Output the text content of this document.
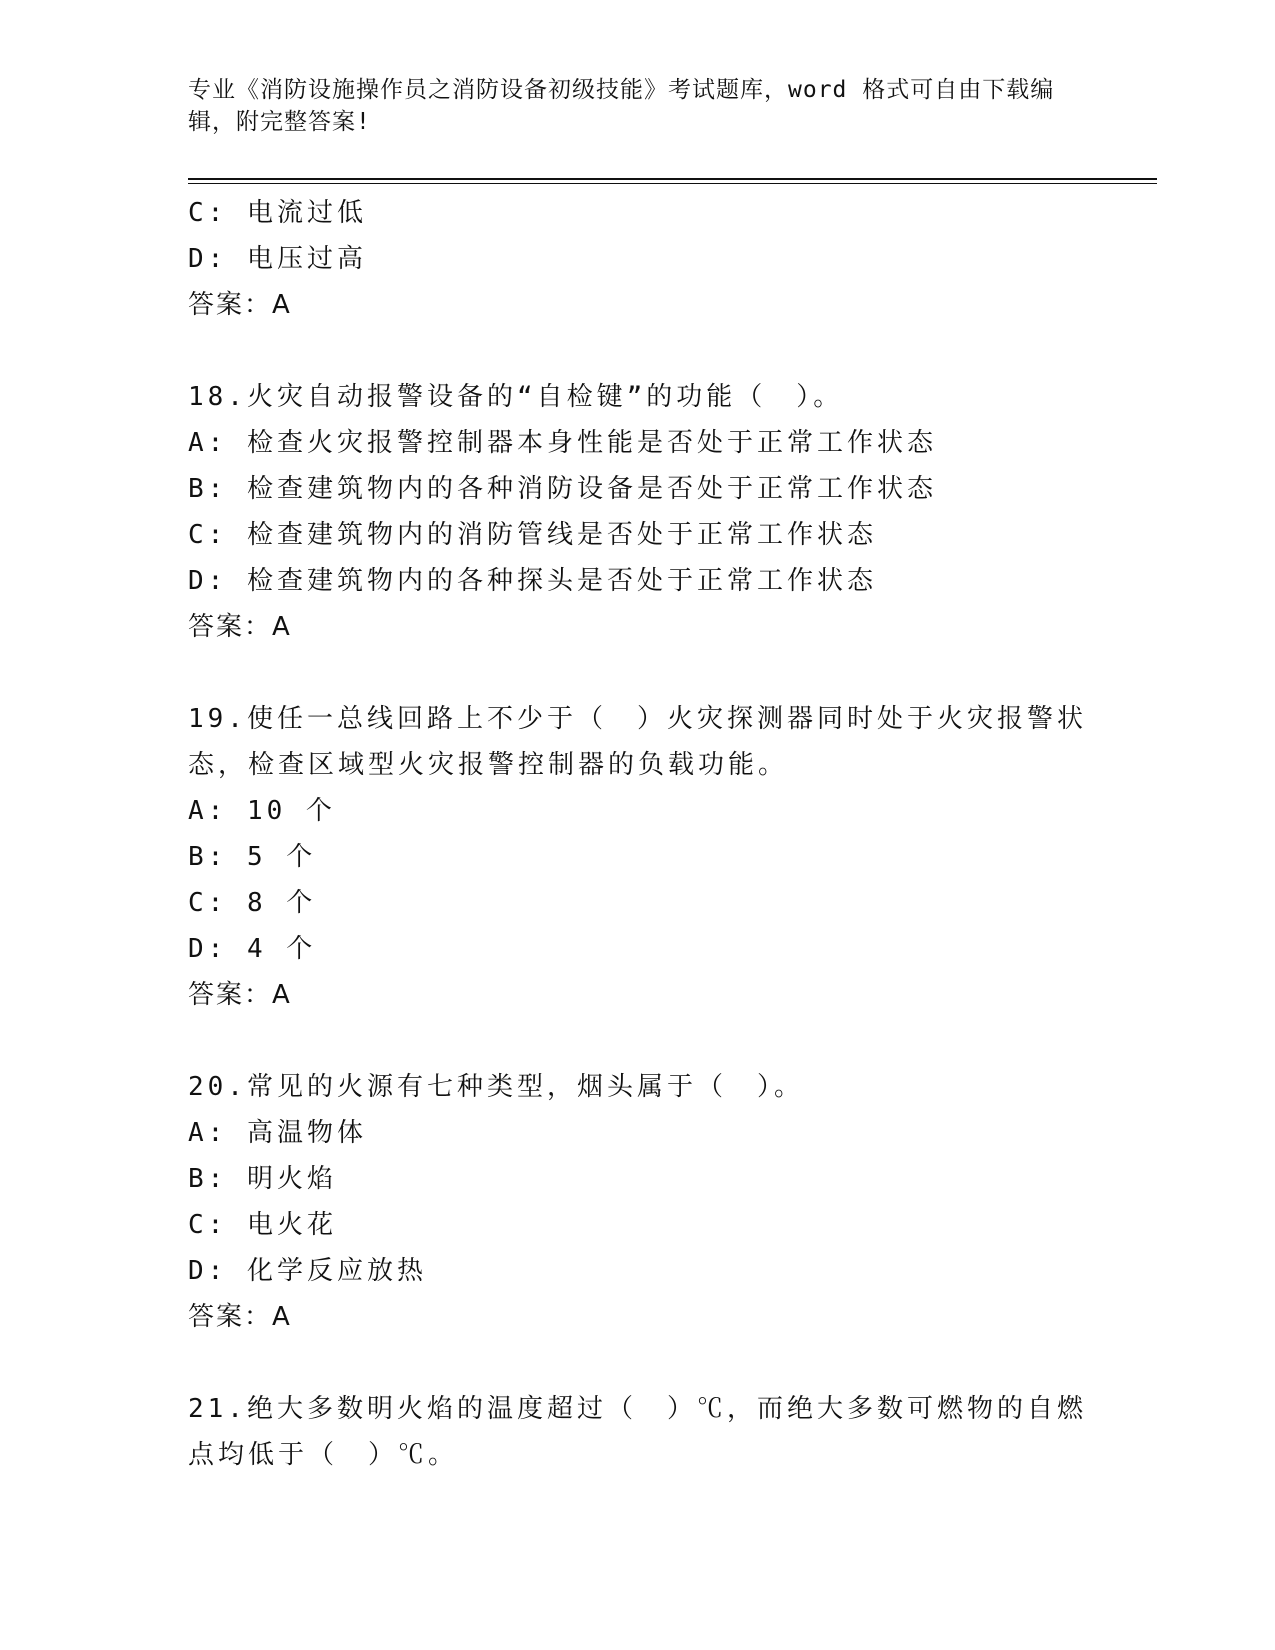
专业《消防设施操作员之消防设备初级技能》考试题库，word 格式可自由下载编辑，附完整答案!
C: 电流过低
D: 电压过高
答案：A
18.火灾自动报警设备的“自检键”的功能（　）。
A: 检查火灾报警控制器本身性能是否处于正常工作状态
B: 检查建筑物内的各种消防设备是否处于正常工作状态
C: 检查建筑物内的消防管线是否处于正常工作状态
D: 检查建筑物内的各种探头是否处于正常工作状态
答案：A
19.使任一总线回路上不少于（　）火灾探测器同时处于火灾报警状态，检查区域型火灾报警控制器的负载功能。
A: 10 个
B: 5 个
C: 8 个
D: 4 个
答案：A
20.常见的火源有七种类型，烟头属于（　）。
A: 高温物体
B: 明火焰
C: 电火花
D: 化学反应放热
答案：A
21.绝大多数明火焰的温度超过（　）℃，而绝大多数可燃物的自燃点均低于（　）℃。
